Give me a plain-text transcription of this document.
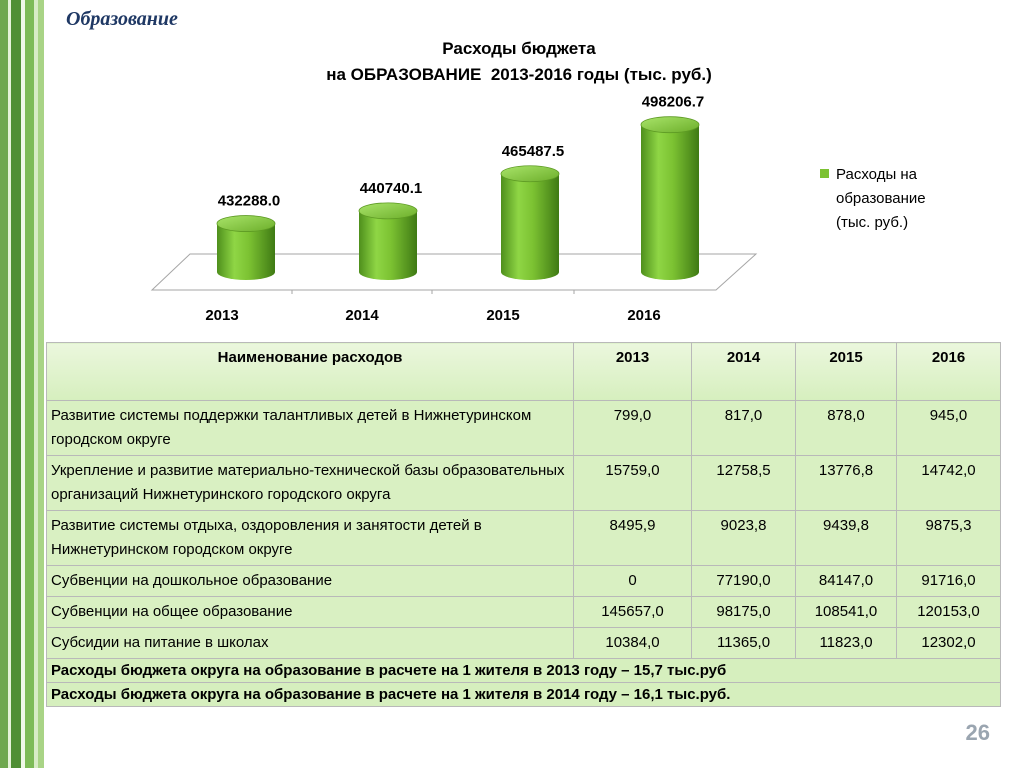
Образование
Расходы бюджета
на ОБРАЗОВАНИЕ  2013-2016 годы (тыс. руб.)
432288.0
440740.1
465487.5
498206.7
2013	2014	2015	2016
Расходы на
образование
(тыс. руб.)
Наименование расходов	2013	2014	2015	2016
Развитие системы поддержки талантливых детей в Нижнетуринском городском округе	799,0	817,0	878,0	945,0
Укрепление и развитие материально-технической базы образовательных организаций Нижнетуринского городского округа	15759,0	12758,5	13776,8	14742,0
Развитие системы отдыха, оздоровления и занятости детей в Нижнетуринском городском округе	8495,9	9023,8	9439,8	9875,3
Субвенции на дошкольное образование	0	77190,0	84147,0	91716,0
Субвенции на общее образование	145657,0	98175,0	108541,0	120153,0
Субсидии на питание в школах	10384,0	11365,0	11823,0	12302,0
Расходы бюджета округа на образование в расчете на 1 жителя в 2013 году – 15,7 тыс.руб				
Расходы бюджета округа на образование в расчете на 1 жителя в 2014 году – 16,1 тыс.руб.				
26
